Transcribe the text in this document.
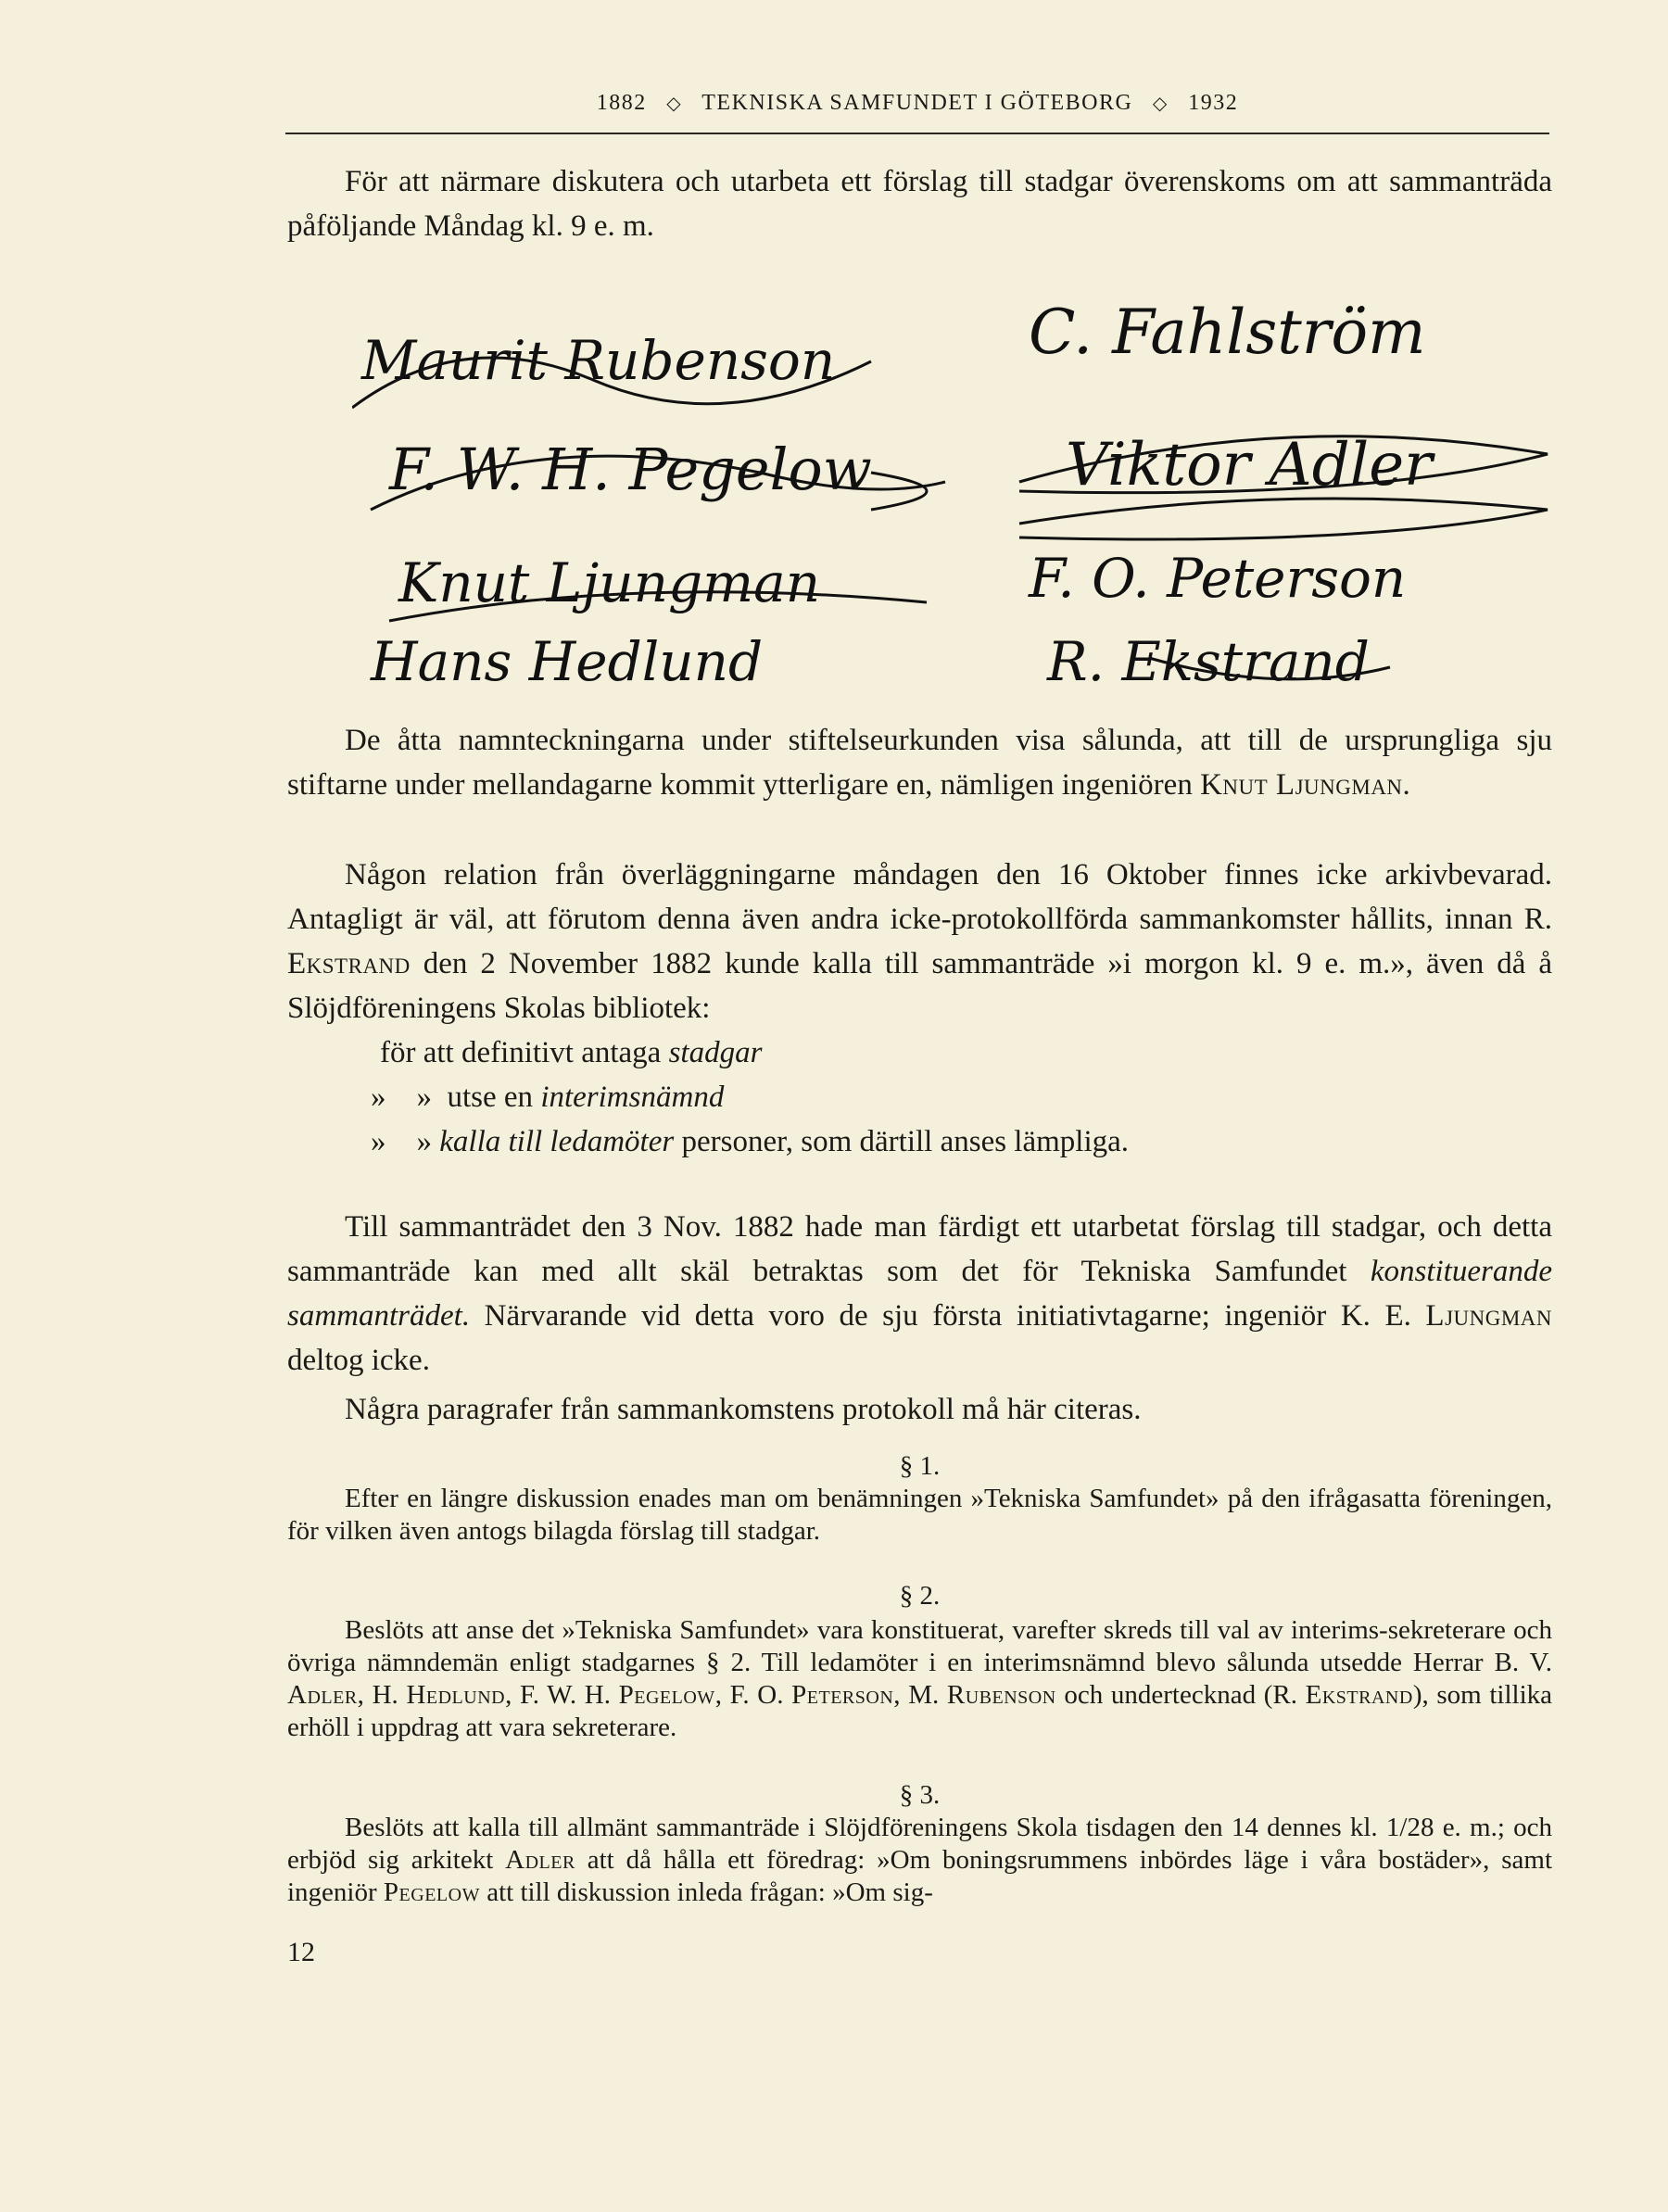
1882 ◇ TEKNISKA SAMFUNDET I GÖTEBORG ◇ 1932

För att närmare diskutera och utarbeta ett förslag till stadgar överenskoms om att sammanträda påföljande Måndag kl. 9 e. m.

Maurit Rubenson	C. Fahlström
F. W. H. Pegelow	Viktor Adler
Knut Ljungman	F. O. Peterson
Hans Hedlund	R. Ekstrand

De åtta namnteckningarna under stiftelseurkunden visa sålunda, att till de ursprungliga sju stiftarne under mellandagarne kommit ytterligare en, nämligen ingeniören Knut Ljungman.

Någon relation från överläggningarne måndagen den 16 Oktober finnes icke arkivbevarad. Antagligt är väl, att förutom denna även andra icke-protokollförda sammankomster hållits, innan R. Ekstrand den 2 November 1882 kunde kalla till sammanträde »i morgon kl. 9 e. m.», även då å Slöjdföreningens Skolas bibliotek:

för att definitivt antaga stadgar
»    »  utse en interimsnämnd
»    » kalla till ledamöter personer, som därtill anses lämpliga.

Till sammanträdet den 3 Nov. 1882 hade man färdigt ett utarbetat förslag till stadgar, och detta sammanträde kan med allt skäl betraktas som det för Tekniska Samfundet konstituerande sammanträdet. Närvarande vid detta voro de sju första initiativtagarne; ingeniör K. E. Ljungman deltog icke.

Några paragrafer från sammankomstens protokoll må här citeras.

§ 1.

Efter en längre diskussion enades man om benämningen »Tekniska Samfundet» på den ifrågasatta föreningen, för vilken även antogs bilagda förslag till stadgar.

§ 2.

Beslöts att anse det »Tekniska Samfundet» vara konstituerat, varefter skreds till val av interims-sekreterare och övriga nämndemän enligt stadgarnes § 2. Till ledamöter i en interimsnämnd blevo sålunda utsedde Herrar B. V. Adler, H. Hedlund, F. W. H. Pegelow, F. O. Peterson, M. Rubenson och undertecknad (R. Ekstrand), som tillika erhöll i uppdrag att vara sekreterare.

§ 3.

Beslöts att kalla till allmänt sammanträde i Slöjdföreningens Skola tisdagen den 14 dennes kl. 1/28 e. m.; och erbjöd sig arkitekt Adler att då hålla ett föredrag: »Om boningsrummens inbördes läge i våra bostäder», samt ingeniör Pegelow att till diskussion inleda frågan: »Om sig-

12
